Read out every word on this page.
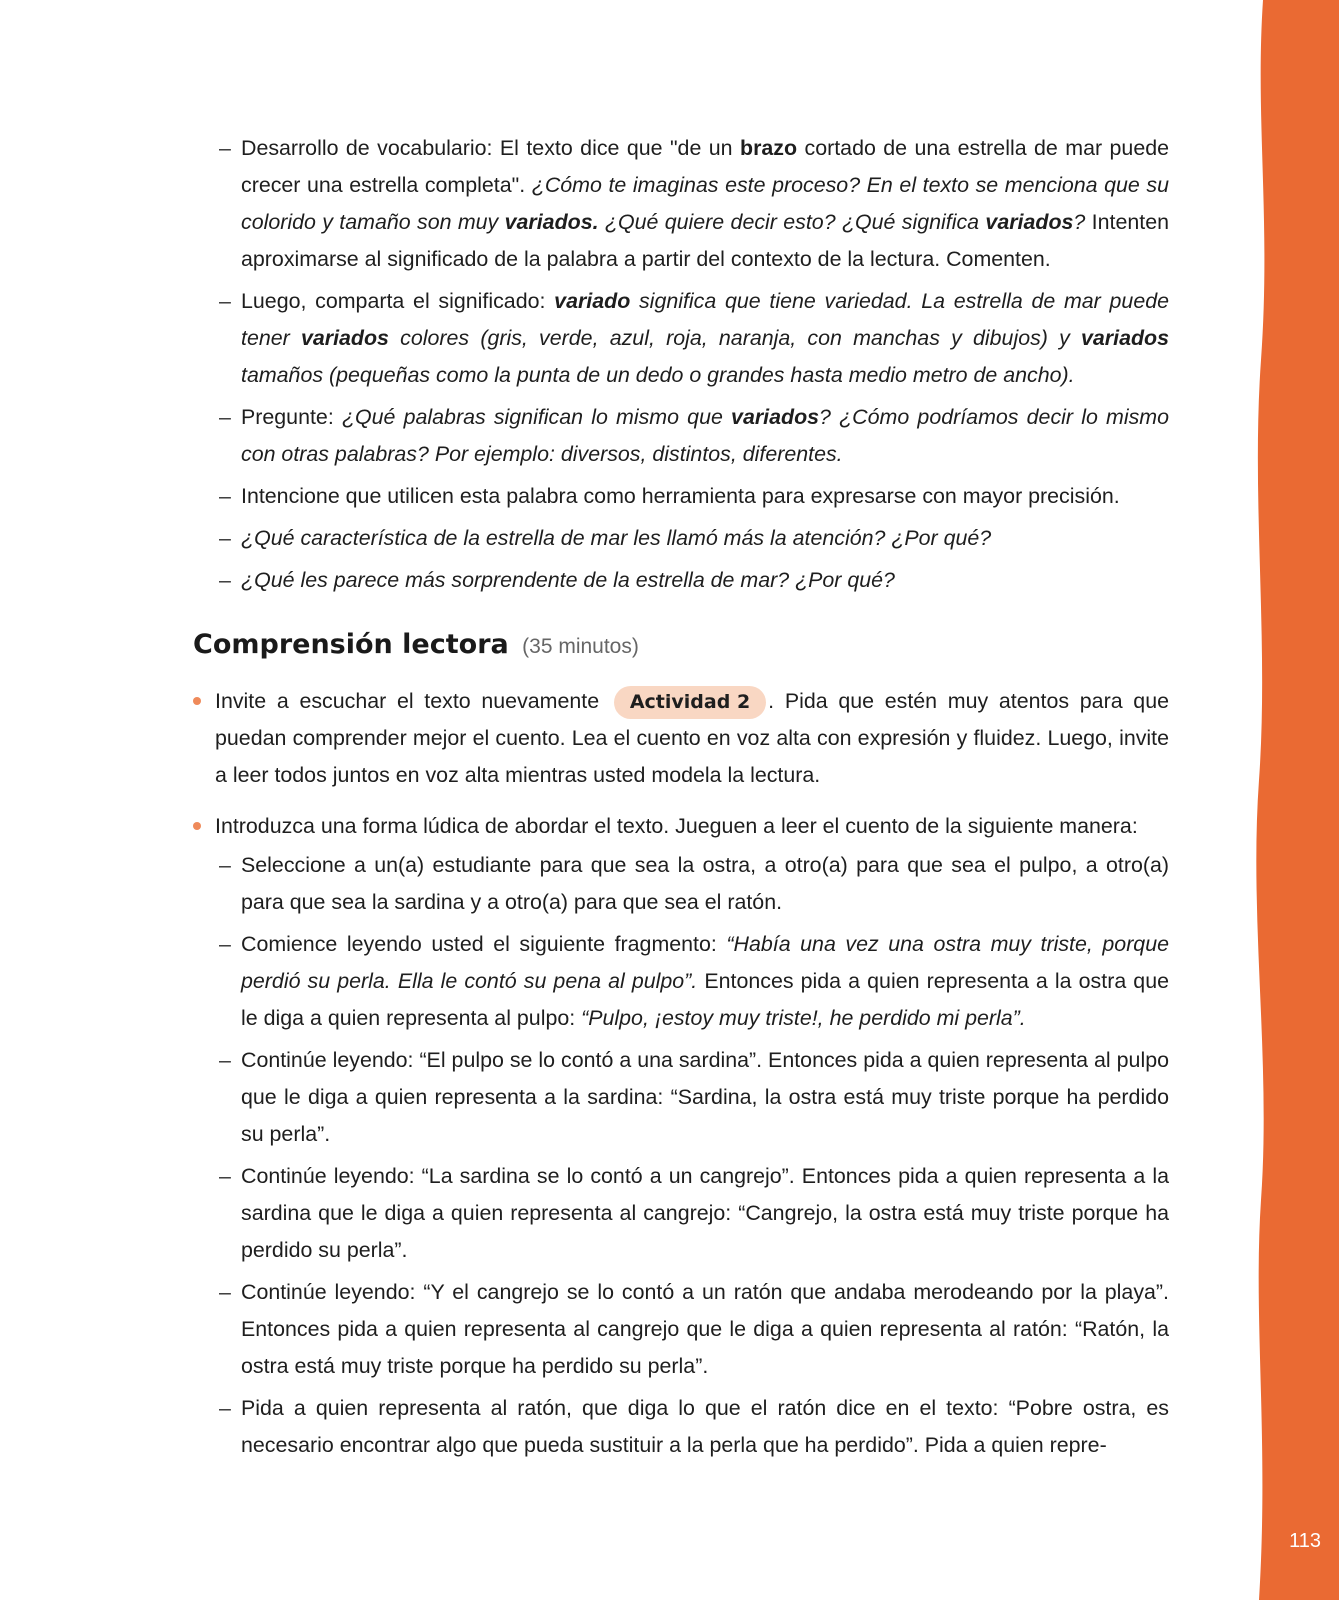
113
– Desarrollo de vocabulario: El texto dice que "de un brazo cortado de una estrella de mar puede crecer una estrella completa". ¿Cómo te imaginas este proceso? En el texto se menciona que su colorido y tamaño son muy variados. ¿Qué quiere decir esto? ¿Qué significa variados? Intenten aproximarse al significado de la palabra a partir del contexto de la lectura. Comenten.
– Luego, comparta el significado: variado significa que tiene variedad. La estrella de mar puede tener variados colores (gris, verde, azul, roja, naranja, con manchas y dibujos) y variados tamaños (pequeñas como la punta de un dedo o grandes hasta medio metro de ancho).
– Pregunte: ¿Qué palabras significan lo mismo que variados? ¿Cómo podríamos decir lo mismo con otras palabras? Por ejemplo: diversos, distintos, diferentes.
– Intencione que utilicen esta palabra como herramienta para expresarse con mayor precisión.
– ¿Qué característica de la estrella de mar les llamó más la atención? ¿Por qué?
– ¿Qué les parece más sorprendente de la estrella de mar? ¿Por qué?
Comprensión lectora (35 minutos)
Invite a escuchar el texto nuevamente Actividad 2 . Pida que estén muy atentos para que puedan comprender mejor el cuento. Lea el cuento en voz alta con expresión y fluidez. Luego, invite a leer todos juntos en voz alta mientras usted modela la lectura.
Introduzca una forma lúdica de abordar el texto. Jueguen a leer el cuento de la siguiente manera:
– Seleccione a un(a) estudiante para que sea la ostra, a otro(a) para que sea el pulpo, a otro(a) para que sea la sardina y a otro(a) para que sea el ratón.
– Comience leyendo usted el siguiente fragmento: “Había una vez una ostra muy triste, porque perdió su perla. Ella le contó su pena al pulpo”. Entonces pida a quien representa a la ostra que le diga a quien representa al pulpo: “Pulpo, ¡estoy muy triste!, he perdido mi perla”.
– Continúe leyendo: “El pulpo se lo contó a una sardina”. Entonces pida a quien representa al pulpo que le diga a quien representa a la sardina: “Sardina, la ostra está muy triste porque ha perdido su perla”.
– Continúe leyendo: “La sardina se lo contó a un cangrejo”. Entonces pida a quien representa a la sardina que le diga a quien representa al cangrejo: “Cangrejo, la ostra está muy triste porque ha perdido su perla”.
– Continúe leyendo: “Y el cangrejo se lo contó a un ratón que andaba merodeando por la playa”. Entonces pida a quien representa al cangrejo que le diga a quien representa al ratón: “Ratón, la ostra está muy triste porque ha perdido su perla”.
– Pida a quien representa al ratón, que diga lo que el ratón dice en el texto: “Pobre ostra, es necesario encontrar algo que pueda sustituir a la perla que ha perdido”. Pida a quien repre-
